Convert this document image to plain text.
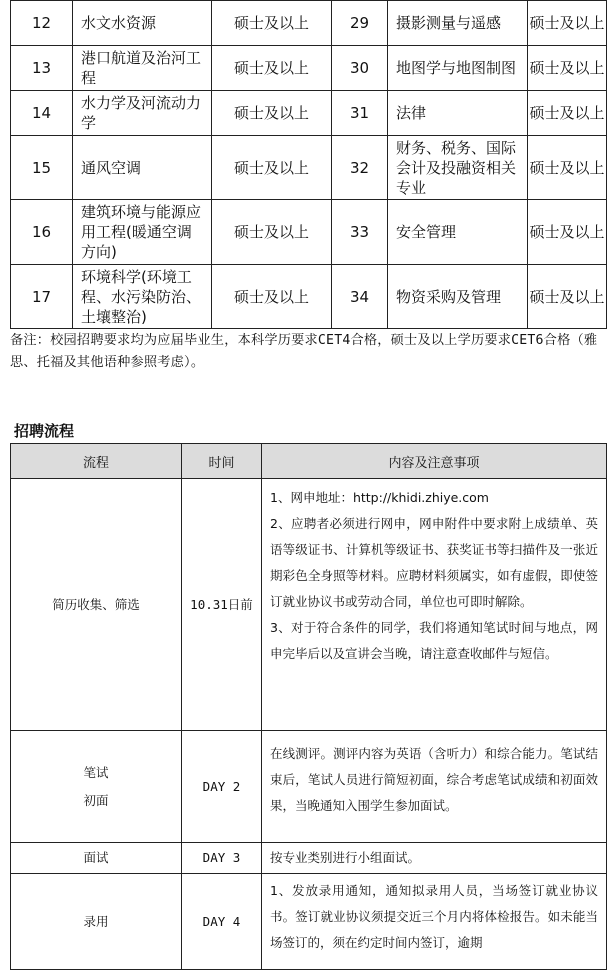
12	水文水资源	硕士及以上	29	摄影测量与遥感	硕士及以上
13	港口航道及治河工程	硕士及以上	30	地图学与地图制图	硕士及以上
14	水力学及河流动力学	硕士及以上	31	法律	硕士及以上
15	通风空调	硕士及以上	32	财务、税务、国际会计及投融资相关专业	硕士及以上
16	建筑环境与能源应用工程(暖通空调方向)	硕士及以上	33	安全管理	硕士及以上
17	环境科学(环境工程、水污染防治、土壤整治)	硕士及以上	34	物资采购及管理	硕士及以上
备注：校园招聘要求均为应届毕业生，本科学历要求CET4合格，硕士及以上学历要求CET6合格（雅思、托福及其他语种参照考虑）。
招聘流程
流程	时间	内容及注意事项
简历收集、筛选	10.31日前	1、网申地址：http://khidi.zhiye.com

2、应聘者必须进行网申，网申附件中要求附上成绩单、英语等级证书、计算机等级证书、获奖证书等扫描件及一张近期彩色全身照等材料。应聘材料须属实，如有虚假，即使签订就业协议书或劳动合同，单位也可即时解除。

3、对于符合条件的同学，我们将通知笔试时间与地点，网申完毕后以及宣讲会当晚，请注意查收邮件与短信。

笔试
初面	DAY 2	在线测评。测评内容为英语（含听力）和综合能力。笔试结束后，笔试人员进行简短初面，综合考虑笔试成绩和初面效果，当晚通知入围学生参加面试。

面试	DAY 3	按专业类别进行小组面试。

录用	DAY 4	1、发放录用通知，通知拟录用人员，当场签订就业协议书。签订就业协议须提交近三个月内将体检报告。如未能当场签订的，须在约定时间内签订，逾期
